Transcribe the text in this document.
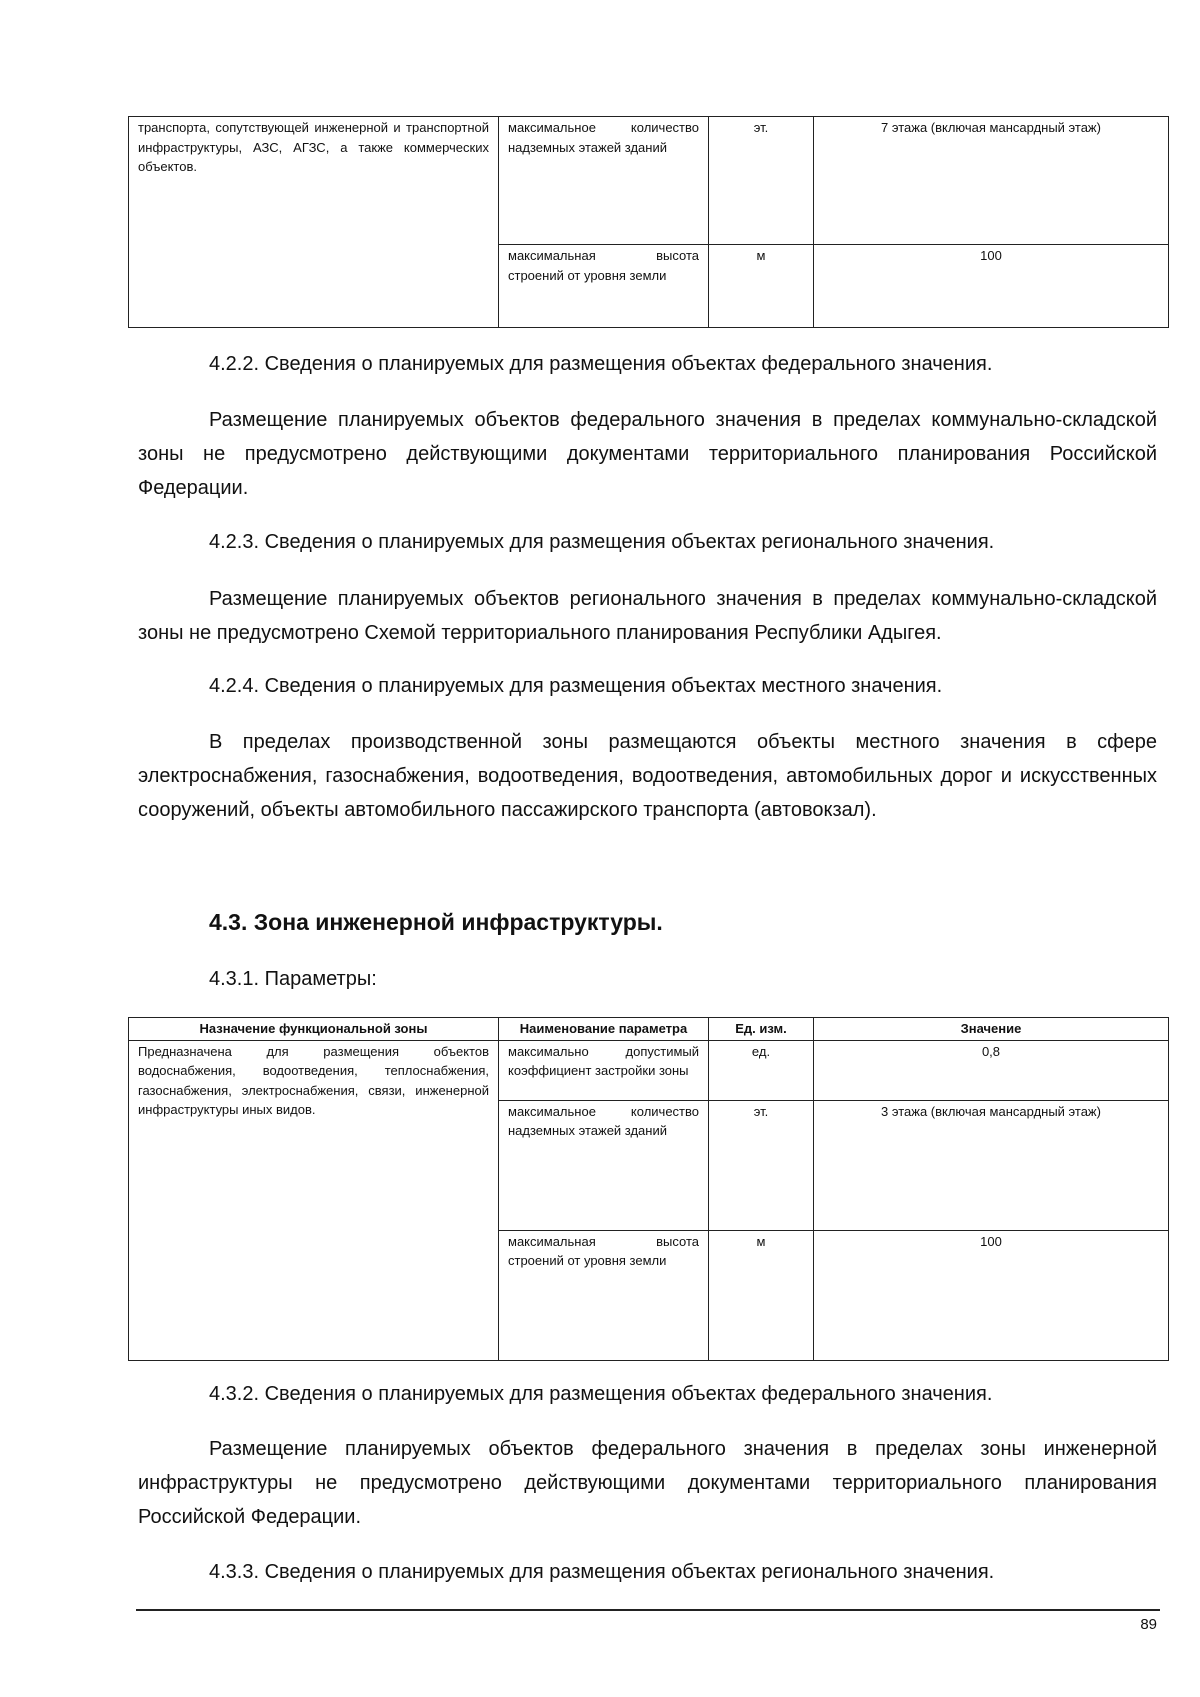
транспорта, сопутствующей инженерной и транспортной инфраструктуры, АЗС, АГЗС, а также коммерческих объектов.	максимальное количество надземных этажей зданий	эт.	7 этажа (включая мансардный этаж)
	максимальная высота строений от уровня земли	м	100
4.2.2. Сведения о планируемых для размещения объектах федерального значения.
Размещение планируемых объектов федерального значения в пределах коммунально-складской зоны не предусмотрено действующими документами территориального планирования Российской Федерации.
4.2.3. Сведения о планируемых для размещения объектах регионального значения.
Размещение планируемых объектов регионального значения в пределах коммунально-складской зоны не предусмотрено Схемой территориального планирования Республики Адыгея.
4.2.4. Сведения о планируемых для размещения объектах местного значения.
В пределах производственной зоны размещаются объекты местного значения в сфере электроснабжения, газоснабжения, водоотведения, водоотведения, автомобильных дорог и искусственных сооружений, объекты автомобильного пассажирского транспорта (автовокзал).
4.3. Зона инженерной инфраструктуры.
4.3.1. Параметры:
Назначение функциональной зоны	Наименование параметра	Ед. изм.	Значение
Предназначена для размещения объектов водоснабжения, водоотведения, теплоснабжения, газоснабжения, электроснабжения, связи, инженерной инфраструктуры иных видов.	максимально допустимый коэффициент застройки зоны	ед.	0,8
	максимальное количество надземных этажей зданий	эт.	3 этажа (включая мансардный этаж)
	максимальная высота строений от уровня земли	м	100
4.3.2. Сведения о планируемых для размещения объектах федерального значения.
Размещение планируемых объектов федерального значения в пределах зоны инженерной инфраструктуры не предусмотрено действующими документами территориального планирования Российской Федерации.
4.3.3. Сведения о планируемых для размещения объектах регионального значения.
89
